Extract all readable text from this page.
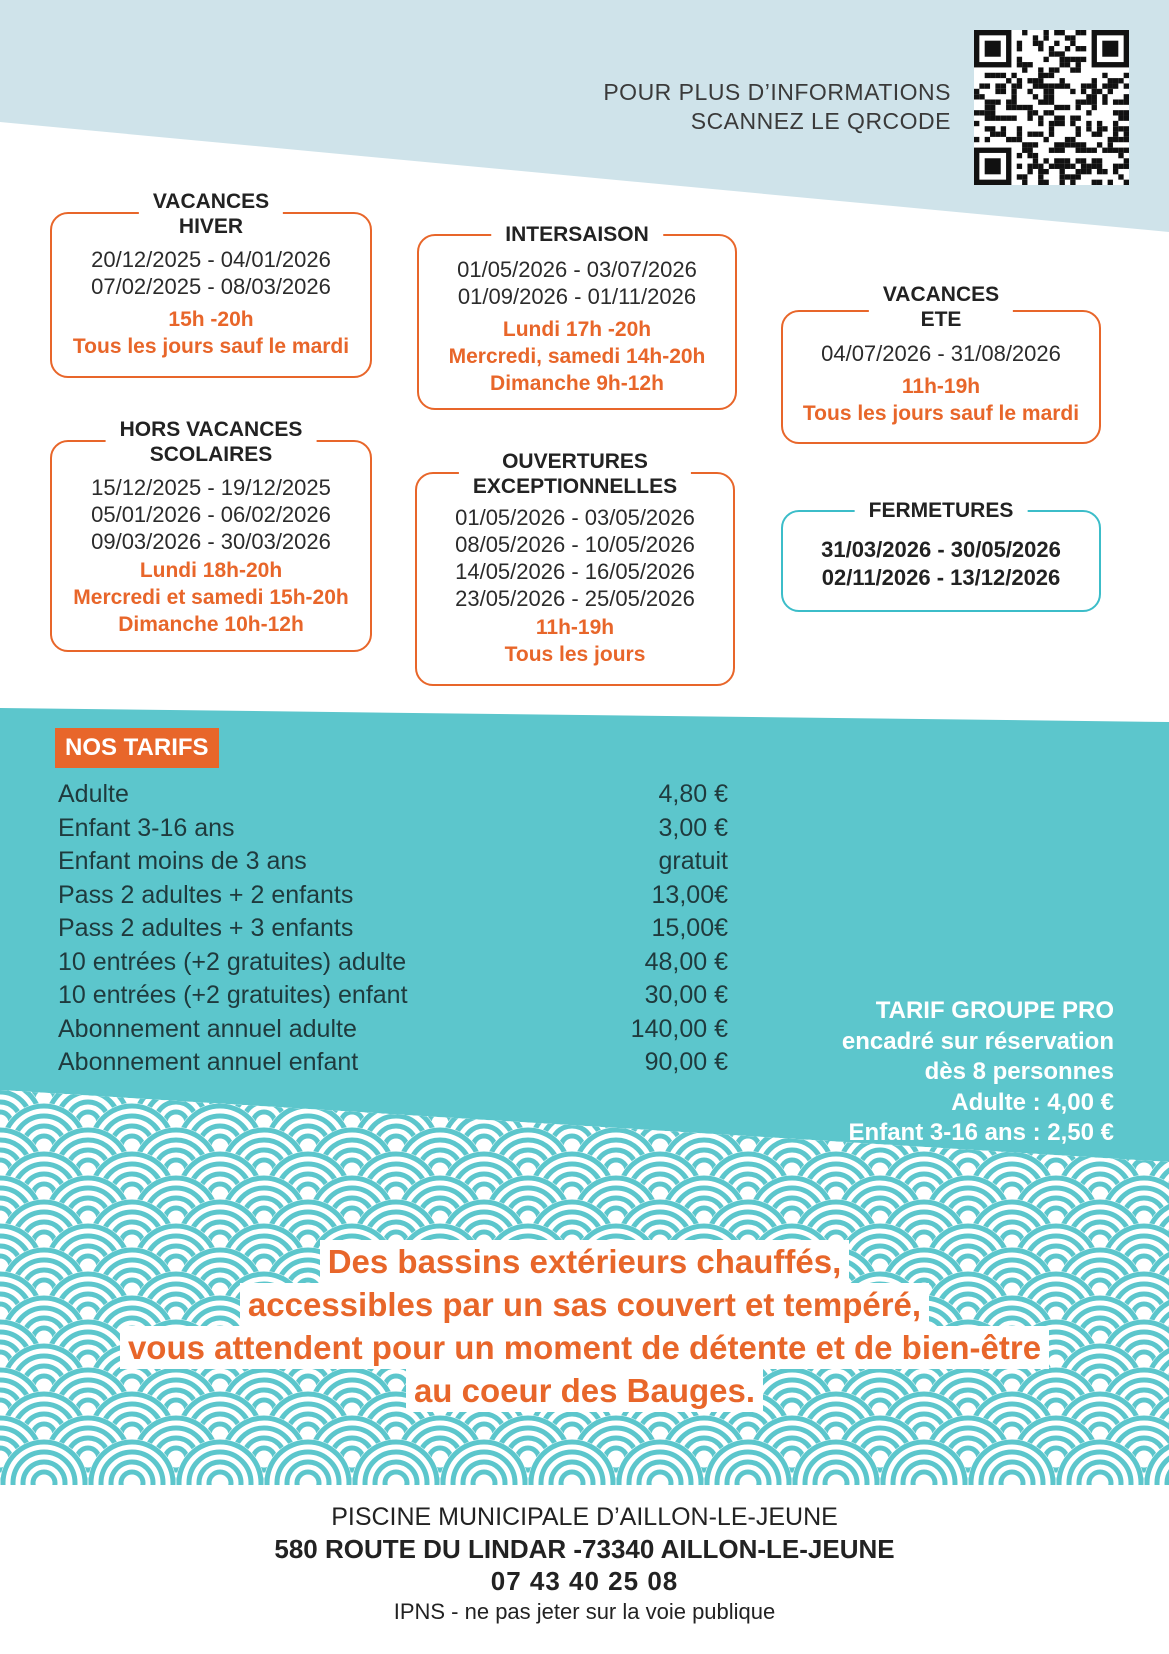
POUR PLUS D’INFORMATIONS
SCANNEZ LE QRCODE
VACANCES
HIVER
20/12/2025 - 04/01/2026
07/02/2025 - 08/03/2026
15h -20h
Tous les jours sauf le mardi
INTERSAISON
01/05/2026 - 03/07/2026
01/09/2026 - 01/11/2026
Lundi 17h -20h
Mercredi, samedi 14h-20h
Dimanche 9h-12h
VACANCES
ETE
04/07/2026 - 31/08/2026
11h-19h
Tous les jours sauf le mardi
HORS VACANCES
SCOLAIRES
15/12/2025 - 19/12/2025
05/01/2026 - 06/02/2026
09/03/2026 - 30/03/2026
Lundi 18h-20h
Mercredi et samedi 15h-20h
Dimanche 10h-12h
OUVERTURES
EXCEPTIONNELLES
01/05/2026 - 03/05/2026
08/05/2026 - 10/05/2026
14/05/2026 - 16/05/2026
23/05/2026 - 25/05/2026
11h-19h
Tous les jours
FERMETURES
31/03/2026 - 30/05/2026
02/11/2026 - 13/12/2026
NOS TARIFS
Adulte	4,80 €
Enfant 3-16 ans	3,00 €
Enfant moins de 3 ans	gratuit
Pass 2 adultes + 2 enfants	13,00€
Pass 2 adultes + 3 enfants	15,00€
10 entrées (+2 gratuites) adulte	48,00 €
10 entrées (+2 gratuites) enfant	30,00 €
Abonnement annuel adulte	140,00 €
Abonnement annuel enfant	90,00 €
TARIF GROUPE PRO
encadré sur réservation
dès 8 personnes
Adulte : 4,00 €
Enfant 3-16 ans : 2,50 €
Des bassins extérieurs chauffés,
accessibles par un sas couvert et tempéré,
vous attendent pour un moment de détente et de bien-être
au coeur des Bauges.
PISCINE MUNICIPALE D’AILLON-LE-JEUNE
580 ROUTE DU LINDAR -73340 AILLON-LE-JEUNE
07 43 40 25 08
IPNS - ne pas jeter sur la voie publique
